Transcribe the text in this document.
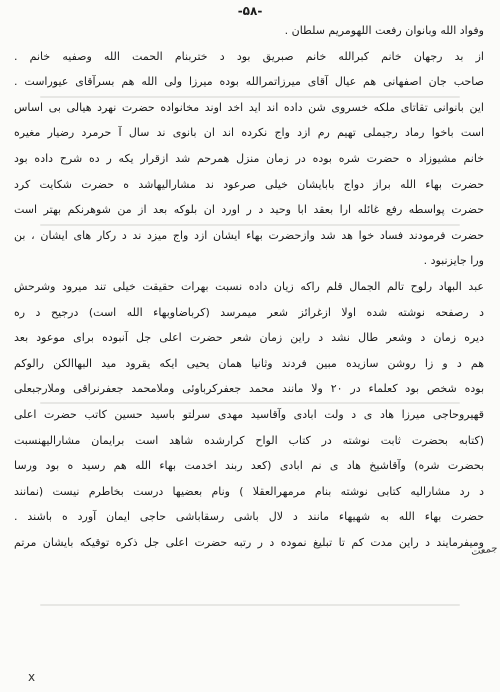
-۵۸-
وفواد الله وبانوان رفعت اللهومريم سلطان .
از بد رجهان خانم کبرالله خانم صبريق بود د ختربنام الحمت الله وصفيه خانم .
صاحب جان اصفهانی هم عيال آقای ميرزاتمرالله بوده ميرزا ولی الله هم بسرآقای عيوراست .
این بانوانی تقاتای ملکه خسروی شن داده اند ايد اخد اوند مخانواده حضرت نهرد هيالی بی اساس
است باخوا رماد رجيملی تهيم رم ازد واج نکرده اند ان بانوی ند سال آ حرمرد رضيار مغيره
خانم مشيوزاد ه حضرت شره بوده در زمان منزل همرحم شد ازقرار يکه ر ده شرح داده بود
حضرت بهاء الله براز دواج بابايشان خيلی صرعود ند مشارالیهاشد ه حضرت شکايت کرد
حضرت پواسطه رفع غائله ارا بعقد ابا وحيد د ر اورد ان بلوکه بعد از من شوهرنکم بهتر است
حضرت فرمودند فساد خوا هد شد وازحضرت بهاء ايشان ازد واج ميزد ند د رکار های ايشان ، بن
ورا جايزنبود .
عبد البهاد رلوح تالم الجمال قلم راکه زيان داده نسبت بهرات حقيقت خيلی تند ميرود وشرحش
د رصفحه نوشته شده اولا ازغرائز شعر ميمرسد (کرباضاوبهاء الله است) درجيح د ره
ديره زمان د وشعر طال نشد د راين زمان شعر حضرت اعلی جل آنبوده برای موعود بعد
هم د و زا روشن سازيده مبين فردند وثانيا همان يحيی ايکه يقرود ميد البهاالکن رالوکم
بوده شخص بود کعلماء در ۲۰ ولا مانند محمد جعفرکرباوئی وملامحمد جعفرنراقی وملارجبعلی
قهيروحاجی ميرزا هاد ی د ولت ابادی وآقاسيد مهدی سرلتو باسيد حسين کاتب حضرت اعلی
(کتابه بحضرت ثابت نوشته در کتاب الواح کرارشده شاهد است برايمان مشارالیهنسبت
بحضرت شره) وآقاشيخ هاد ی نم ابادی (کعد ربند اخدمت بهاء الله هم رسيد ه بود ورسا
د رد مشارالیه کتابی نوشته بنام مرمهرالعقلا ) ونام بعضیها درست بخاطرم نيست (نمانند
حضرت بهاء الله به شهيهاء مانند د لال باشی رسقاباشی حاجی ايمان آورد ه باشند .
وميفرمايند د راين مدت کم تا تبليغ نموده د ر رتبه حضرت اعلی جل ذکره توقيکه بايشان مرتم
جمعت
x
